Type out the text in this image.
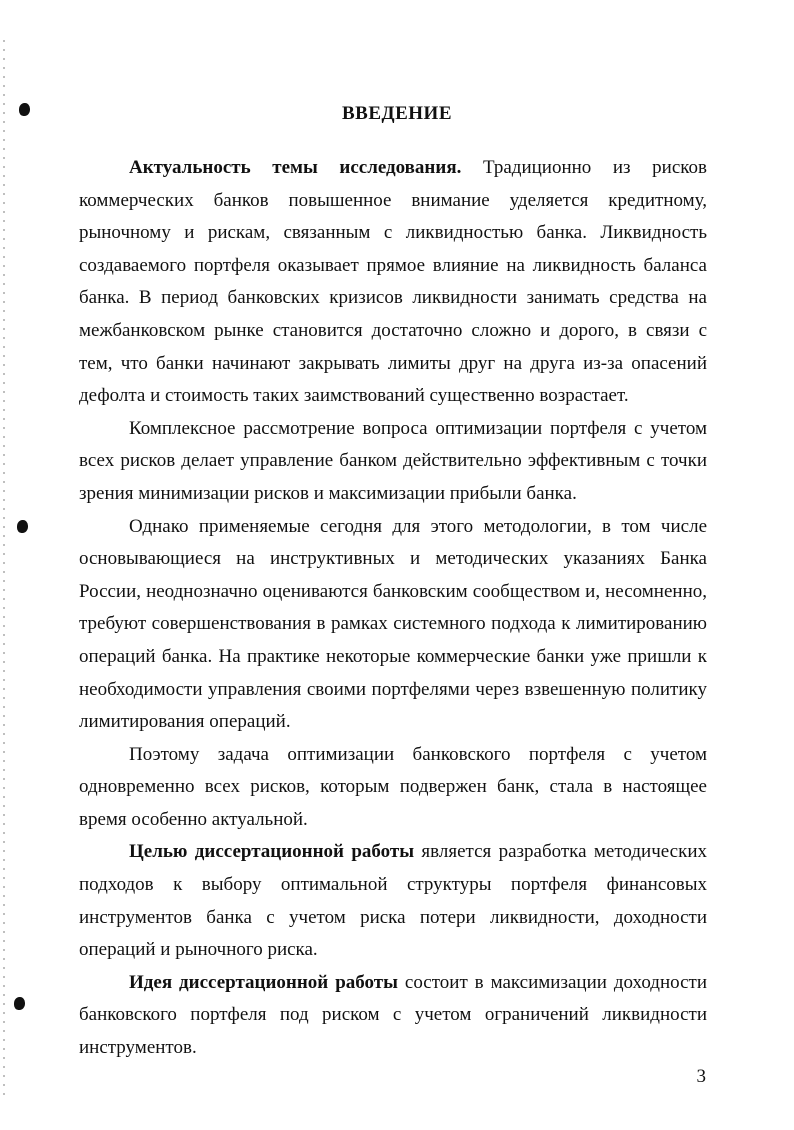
ВВЕДЕНИЕ

Актуальность темы исследования. Традиционно из рисков коммерческих банков повышенное внимание уделяется кредитному, рыночному и рискам, связанным с ликвидностью банка. Ликвидность создаваемого портфеля оказывает прямое влияние на ликвидность баланса банка. В период банковских кризисов ликвидности занимать средства на межбанковском рынке становится достаточно сложно и дорого, в связи с тем, что банки начинают закрывать лимиты друг на друга из-за опасений дефолта и стоимость таких заимствований существенно возрастает.

Комплексное рассмотрение вопроса оптимизации портфеля с учетом всех рисков делает управление банком действительно эффективным с точки зрения минимизации рисков и максимизации прибыли банка.

Однако применяемые сегодня для этого методологии, в том числе основывающиеся на инструктивных и методических указаниях Банка России, неоднозначно оцениваются банковским сообществом и, несомненно, требуют совершенствования в рамках системного подхода к лимитированию операций банка. На практике некоторые коммерческие банки уже пришли к необходимости управления своими портфелями через взвешенную политику лимитирования операций.

Поэтому задача оптимизации банковского портфеля с учетом одновременно всех рисков, которым подвержен банк, стала в настоящее время особенно актуальной.

Целью диссертационной работы является разработка методических подходов к выбору оптимальной структуры портфеля финансовых инструментов банка с учетом риска потери ликвидности, доходности операций и рыночного риска.

Идея диссертационной работы состоит в максимизации доходности банковского портфеля под риском с учетом ограничений ликвидности инструментов.

3
